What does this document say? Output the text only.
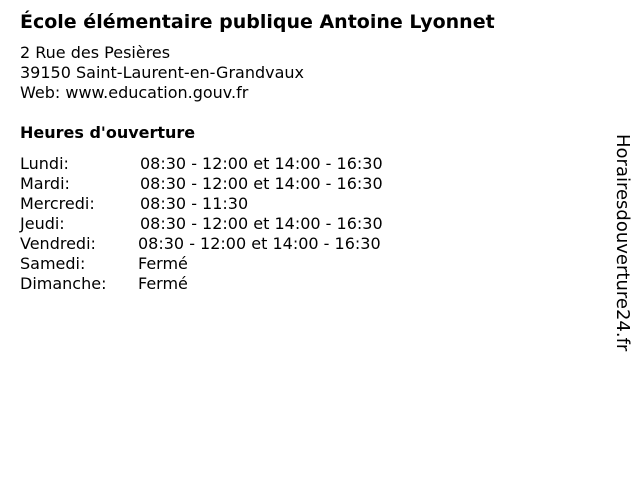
École élémentaire publique Antoine Lyonnet
2 Rue des Pesières
39150 Saint-Laurent-en-Grandvaux
Web: www.education.gouv.fr
Heures d'ouverture
Lundi:	08:30 - 12:00 et 14:00 - 16:30
Mardi:	08:30 - 12:00 et 14:00 - 16:30
Mercredi:	08:30 - 11:30
Jeudi:	08:30 - 12:00 et 14:00 - 16:30
Vendredi:	08:30 - 12:00 et 14:00 - 16:30
Samedi:	Fermé
Dimanche: Fermé	Horairesdouverture24.fr
